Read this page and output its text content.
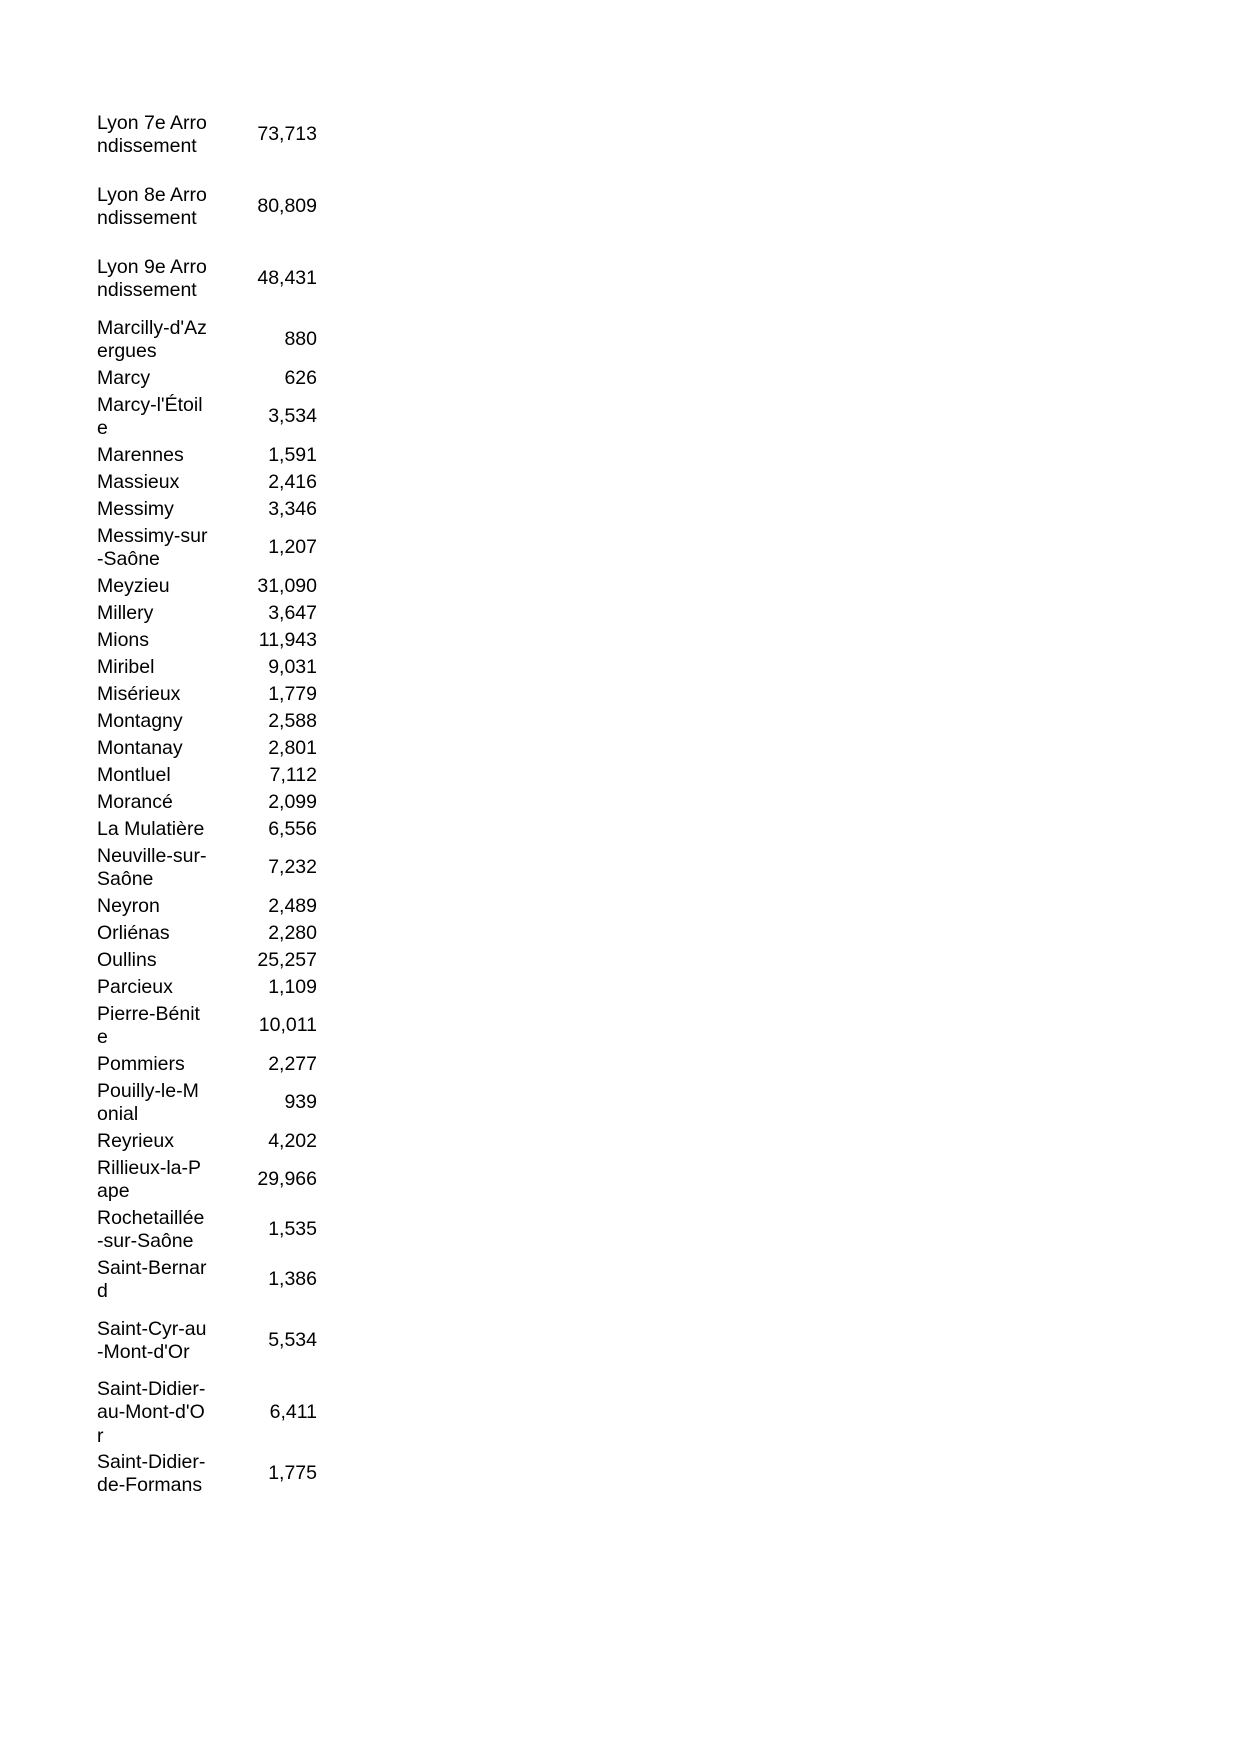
Lyon 7e Arrondissement	73,713
Lyon 8e Arrondissement	80,809
Lyon 9e Arrondissement	48,431
Marcilly-d'Azergues	880
Marcy	626
Marcy-l'Étoile	3,534
Marennes	1,591
Massieux	2,416
Messimy	3,346
Messimy-sur-Saône	1,207
Meyzieu	31,090
Millery	3,647
Mions	11,943
Miribel	9,031
Misérieux	1,779
Montagny	2,588
Montanay	2,801
Montluel	7,112
Morancé	2,099
La Mulatière	6,556
Neuville-sur-Saône	7,232
Neyron	2,489
Orliénas	2,280
Oullins	25,257
Parcieux	1,109
Pierre-Bénite	10,011
Pommiers	2,277
Pouilly-le-Monial	939
Reyrieux	4,202
Rillieux-la-Pape	29,966
Rochetaillée-sur-Saône	1,535
Saint-Bernard	1,386

Saint-Cyr-au-Mont-d'Or	5,534
Saint-Didier-au-Mont-d'Or	6,411
Saint-Didier-de-Formans	1,775
